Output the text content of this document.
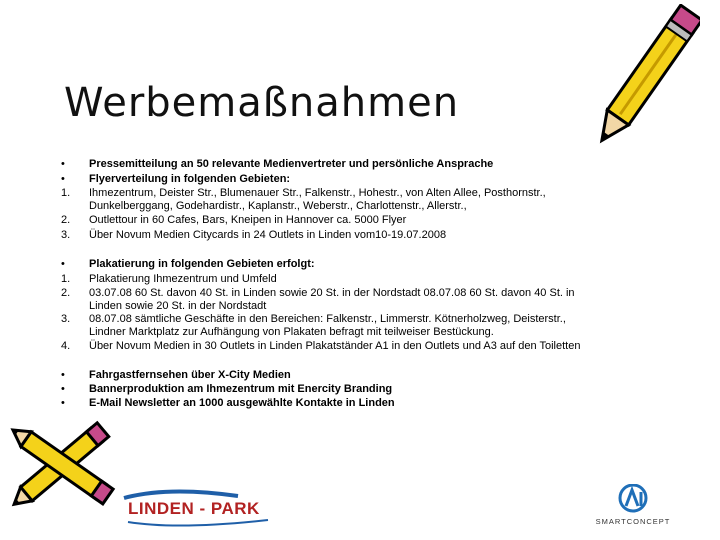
Werbemaßnahmen
•	Pressemitteilung an 50 relevante Medienvertreter und persönliche Ansprache
•	Flyerverteilung in folgenden Gebieten:
1. Ihmezentrum, Deister Str., Blumenauer Str., Falkenstr., Hohestr., von Alten Allee, Posthornstr.,
Dunkelberggang, Godehardistr., Kaplanstr., Weberstr., Charlottenstr., Allerstr.,
2. Outlettour in 60 Cafes, Bars, Kneipen in Hannover ca. 5000 Flyer
3. Über Novum Medien Citycards in 24 Outlets in Linden vom10-19.07.2008
•	Plakatierung in folgenden Gebieten erfolgt:
1. Plakatierung Ihmezentrum und Umfeld
2. 03.07.08 60 St. davon 40 St. in Linden sowie 20 St. in der Nordstadt 08.07.08 60 St. davon 40 St. in
Linden sowie 20 St. in der Nordstadt
3. 08.07.08 sämtliche Geschäfte in den Bereichen: Falkenstr., Limmerstr. Kötnerholzweg, Deisterstr.,
Lindner Marktplatz zur Aufhängung von Plakaten befragt mit teilweiser Bestückung.
4. Über Novum Medien in 30 Outlets in Linden Plakatständer A1 in den Outlets und A3 auf den Toiletten
•	Fahrgastfernsehen über X-City Medien
•	Bannerproduktion am Ihmezentrum mit Enercity Branding
•	E-Mail Newsletter an 1000 ausgewählte Kontakte in Linden
LINDEN - PARK
SMARTCONCEPT
